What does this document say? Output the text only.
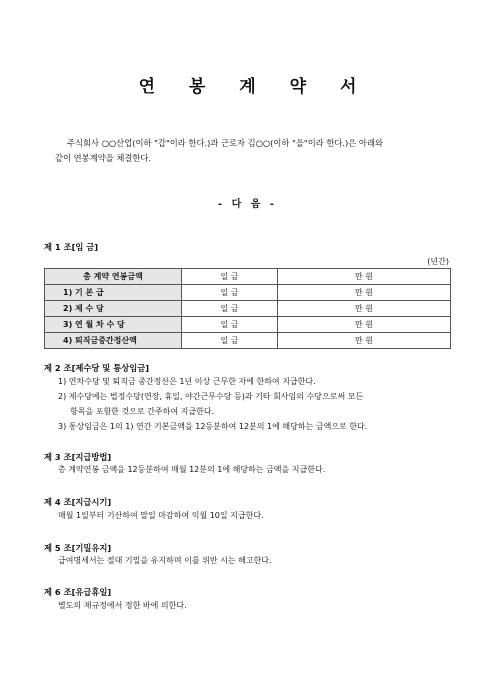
연 봉 계 약 서
주식회사 ○○산업(이하 "갑"이라 한다.)과 근로자 김○○(이하 "을"이라 한다.)은 아래와
같이 연봉계약을 체결한다.
- 다 음 -
제 1 조[임 금]
(년간)
총 계약 연봉금액	일 금	만 원
1) 기 본 급	일 금	만 원
2) 제 수 당	일 금	만 원
3) 연 월 차 수 당	일 금	만 원
4) 퇴직금중간정산액	일 금	만 원
제 2 조[제수당 및 통상임금]
1) 연차수당 및 퇴직금 중간정산은 1년 이상 근무한 자에 한하여 지급한다.
2) 제수당에는 법정수당(연장, 휴일, 야간근무수당 등)과 기타 회사임의 수당으로써 모든
항목을 포함한 것으로 간주하여 지급한다.
3) 통상임금은 1의 1) 연간 기본금액을 12등분하여 12분의 1에 해당하는 금액으로 한다.
제 3 조[지급방법]
총 계약연봉 금액을 12등분하여 매월 12분의 1에 해당하는 금액을 지급한다.
제 4 조[지급시기]
매월 1일부터 기산하여 말일 마감하여 익월 10일 지급한다.
제 5 조[기밀유지]
급여명세서는 절대 기밀을 유지하며 이를 위반 시는 해고한다.
제 6 조[유급휴일]
별도의 제규정에서 정한 바에 의한다.
